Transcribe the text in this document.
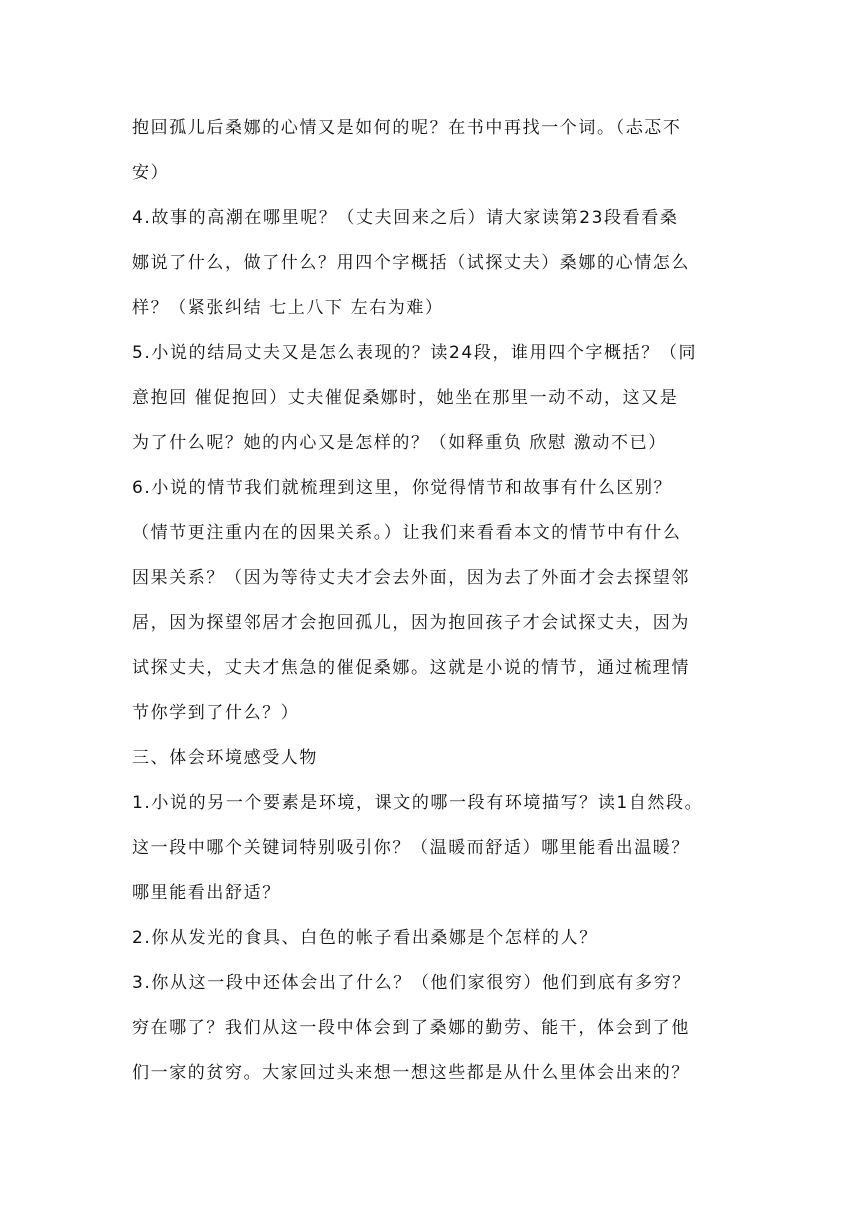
抱回孤儿后桑娜的心情又是如何的呢？在书中再找一个词。（忐忑不
安）
4.故事的高潮在哪里呢？（丈夫回来之后）请大家读第23段看看桑
娜说了什么，做了什么？用四个字概括（试探丈夫）桑娜的心情怎么
样？（紧张纠结 七上八下 左右为难）
5.小说的结局丈夫又是怎么表现的？读24段，谁用四个字概括？（同
意抱回 催促抱回）丈夫催促桑娜时，她坐在那里一动不动，这又是
为了什么呢？她的内心又是怎样的？（如释重负 欣慰 激动不已）
6.小说的情节我们就梳理到这里，你觉得情节和故事有什么区别？
（情节更注重内在的因果关系。）让我们来看看本文的情节中有什么
因果关系？（因为等待丈夫才会去外面，因为去了外面才会去探望邻
居，因为探望邻居才会抱回孤儿，因为抱回孩子才会试探丈夫，因为
试探丈夫，丈夫才焦急的催促桑娜。这就是小说的情节，通过梳理情
节你学到了什么？）
三、体会环境感受人物
1.小说的另一个要素是环境，课文的哪一段有环境描写？读1自然段。
这一段中哪个关键词特别吸引你？（温暖而舒适）哪里能看出温暖？
哪里能看出舒适？
2.你从发光的食具、白色的帐子看出桑娜是个怎样的人？
3.你从这一段中还体会出了什么？（他们家很穷）他们到底有多穷？
穷在哪了？我们从这一段中体会到了桑娜的勤劳、能干，体会到了他
们一家的贫穷。大家回过头来想一想这些都是从什么里体会出来的？
